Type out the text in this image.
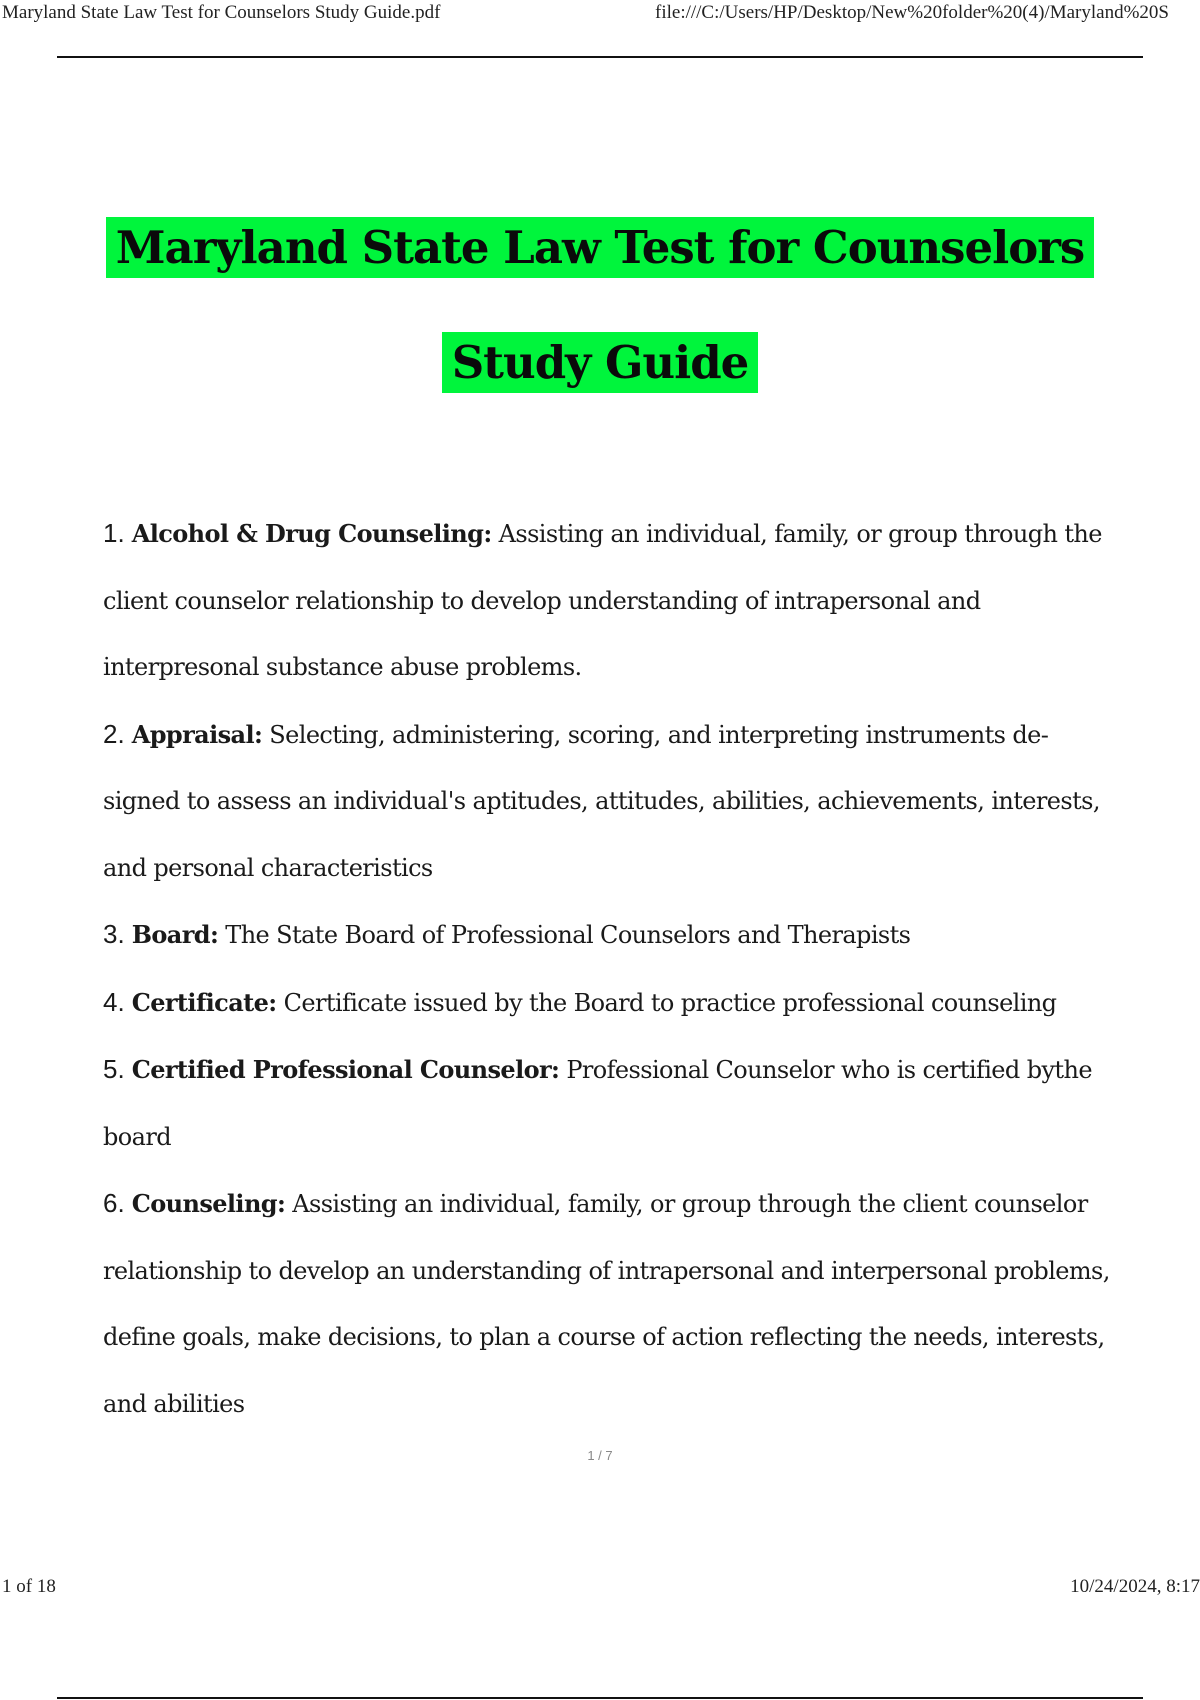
Maryland State Law Test for Counselors Study Guide.pdf	file:///C:/Users/HP/Desktop/New%20folder%20(4)/Maryland%20S
Maryland State Law Test for Counselors
Study Guide
1. Alcohol & Drug Counseling: Assisting an individual, family, or group through the client counselor relationship to develop understanding of intrapersonal and interpresonal substance abuse problems.
2. Appraisal: Selecting, administering, scoring, and interpreting instruments designed to assess an individual's aptitudes, attitudes, abilities, achievements, interests, and personal characteristics
3. Board: The State Board of Professional Counselors and Therapists
4. Certificate: Certificate issued by the Board to practice professional counseling
5. Certified Professional Counselor: Professional Counselor who is certified bythe board
6. Counseling: Assisting an individual, family, or group through the client counselor relationship to develop an understanding of intrapersonal and interpersonal problems, define goals, make decisions, to plan a course of action reflecting the needs, interests, and abilities
1 / 7
1 of 18	10/24/2024, 8:17
